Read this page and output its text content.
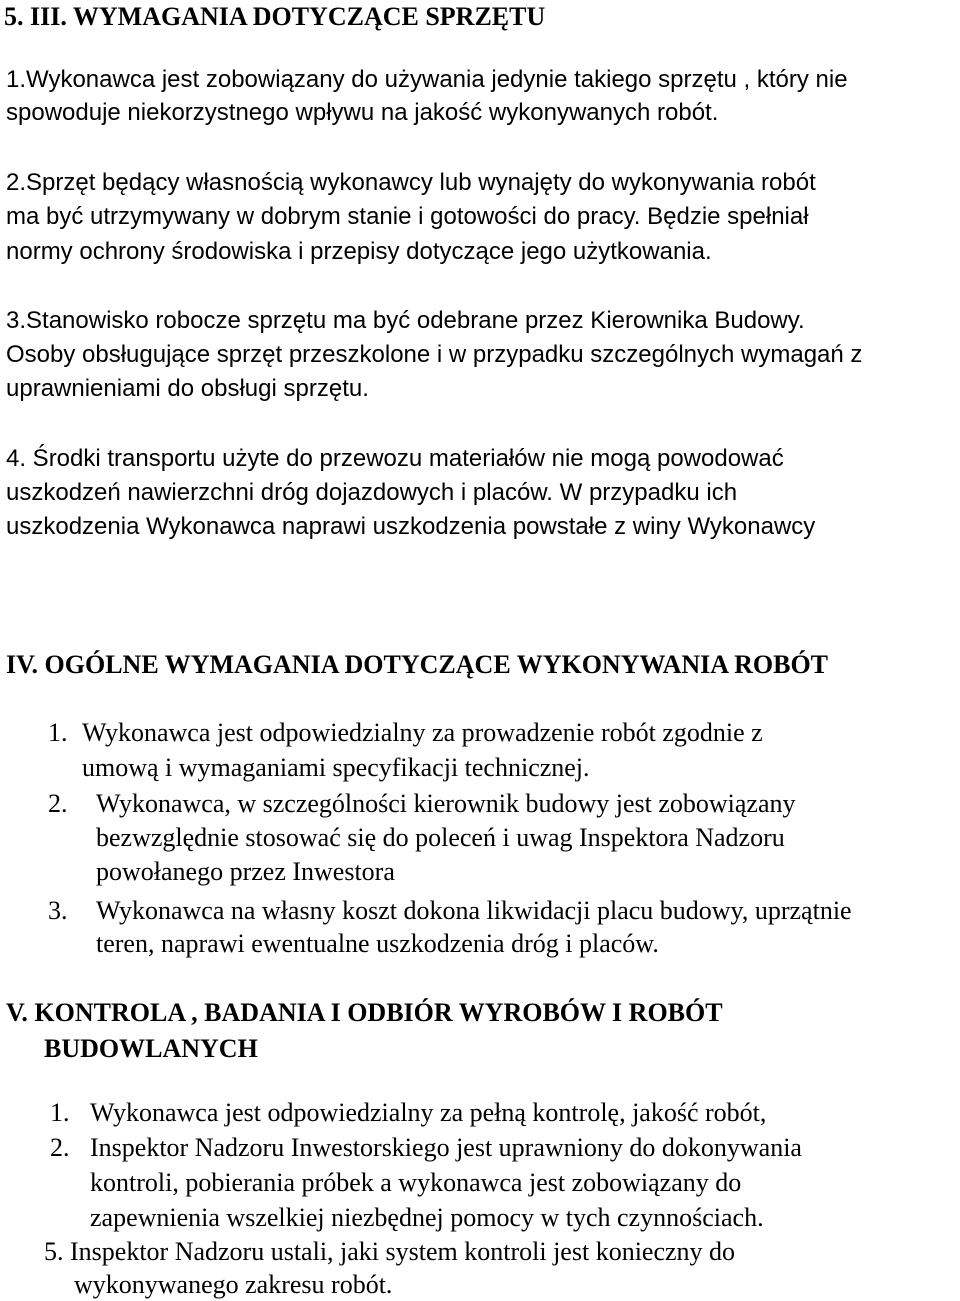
5. III. WYMAGANIA DOTYCZĄCE SPRZĘTU
1.Wykonawca jest zobowiązany do używania jedynie takiego sprzętu , który nie
spowoduje niekorzystnego wpływu na jakość wykonywanych robót.
2.Sprzęt będący własnością wykonawcy lub wynajęty do wykonywania robót
ma być utrzymywany w dobrym stanie i gotowości do pracy. Będzie spełniał
normy ochrony środowiska i przepisy dotyczące jego użytkowania.
3.Stanowisko robocze sprzętu ma być odebrane przez Kierownika Budowy.
Osoby obsługujące sprzęt przeszkolone i w przypadku szczególnych wymagań z
uprawnieniami do obsługi sprzętu.
4. Środki transportu użyte do przewozu materiałów nie mogą powodować
uszkodzeń nawierzchni dróg dojazdowych i placów. W przypadku ich
uszkodzenia Wykonawca naprawi uszkodzenia powstałe z winy Wykonawcy
IV. OGÓLNE WYMAGANIA DOTYCZĄCE WYKONYWANIA ROBÓT
1. Wykonawca jest odpowiedzialny za prowadzenie robót zgodnie z
umową i wymaganiami specyfikacji technicznej.
2. Wykonawca, w szczególności kierownik budowy jest zobowiązany
bezwzględnie stosować się do poleceń i uwag Inspektora Nadzoru
powołanego przez Inwestora
3. Wykonawca na własny koszt dokona likwidacji placu budowy, uprzątnie
teren, naprawi ewentualne uszkodzenia dróg i placów.
V. KONTROLA , BADANIA I ODBIÓR WYROBÓW I ROBÓT
BUDOWLANYCH
1. Wykonawca jest odpowiedzialny za pełną kontrolę, jakość robót,
2. Inspektor Nadzoru Inwestorskiego jest uprawniony do dokonywania
kontroli, pobierania próbek a wykonawca jest zobowiązany do
zapewnienia wszelkiej niezbędnej pomocy w tych czynnościach.
5. Inspektor Nadzoru ustali, jaki system kontroli jest konieczny do
wykonywanego zakresu robót.
